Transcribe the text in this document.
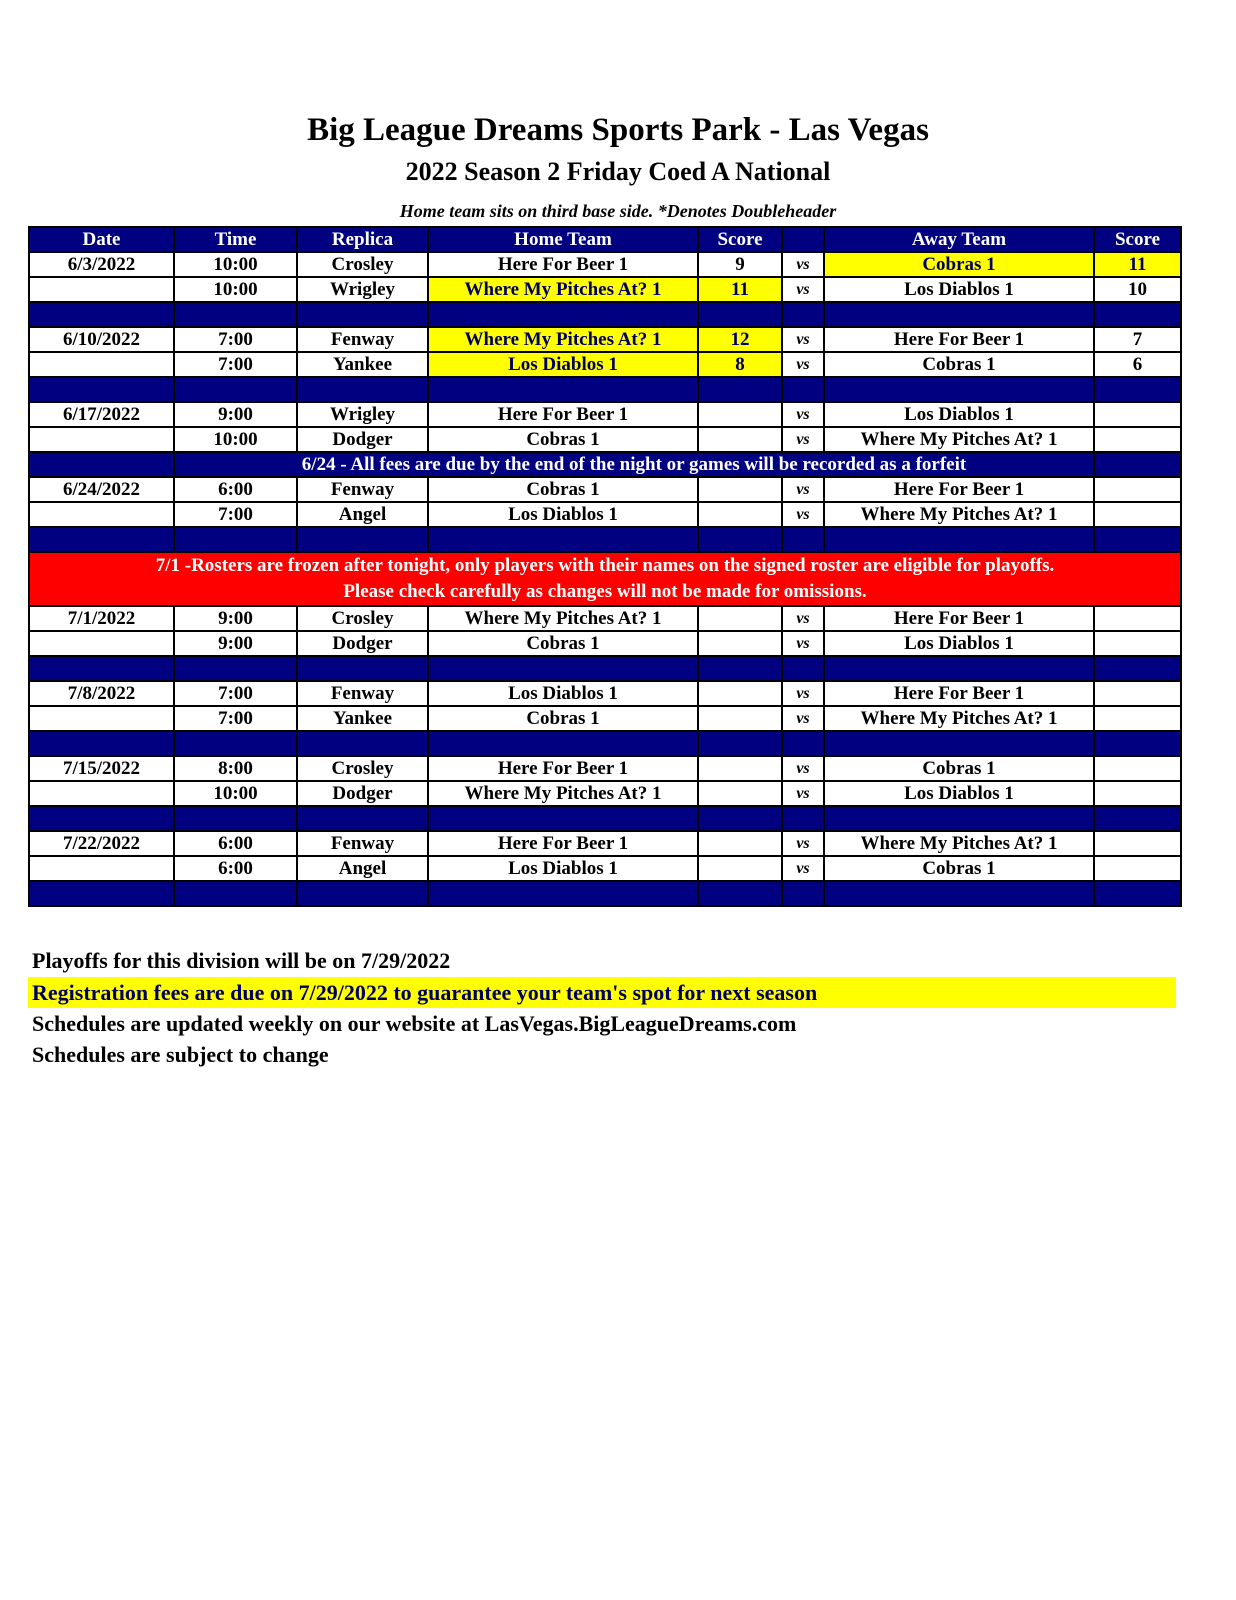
Big League Dreams Sports Park - Las Vegas
2022 Season 2 Friday Coed A National
Home team sits on third base side. *Denotes Doubleheader
Date	Time	Replica	Home Team	Score		Away Team	Score
6/3/2022	10:00	Crosley	Here For Beer 1	9	vs	Cobras 1	11
	10:00	Wrigley	Where My Pitches At? 1	11	vs	Los Diablos 1	10

6/10/2022	7:00	Fenway	Where My Pitches At? 1	12	vs	Here For Beer 1	7
	7:00	Yankee	Los Diablos 1	8	vs	Cobras 1	6

6/17/2022	9:00	Wrigley	Here For Beer 1		vs	Los Diablos 1	
	10:00	Dodger	Cobras 1		vs	Where My Pitches At? 1	
	6/24 - All fees are due by the end of the night or games will be recorded as a forfeit						
6/24/2022	6:00	Fenway	Cobras 1		vs	Here For Beer 1	
	7:00	Angel	Los Diablos 1		vs	Where My Pitches At? 1	

7/1 -Rosters are frozen after tonight, only players with their names on the signed roster are eligible for playoffs.
Please check carefully as changes will not be made for omissions.							

7/1/2022	9:00	Crosley	Where My Pitches At? 1		vs	Here For Beer 1	
	9:00	Dodger	Cobras 1		vs	Los Diablos 1	

7/8/2022	7:00	Fenway	Los Diablos 1		vs	Here For Beer 1	
	7:00	Yankee	Cobras 1		vs	Where My Pitches At? 1	

7/15/2022	8:00	Crosley	Here For Beer 1		vs	Cobras 1	
	10:00	Dodger	Where My Pitches At? 1		vs	Los Diablos 1	

7/22/2022	6:00	Fenway	Here For Beer 1		vs	Where My Pitches At? 1	
	6:00	Angel	Los Diablos 1		vs	Cobras 1	

Playoffs for this division will be on 7/29/2022
Registration fees are due on 7/29/2022 to guarantee your team's spot for next season
Schedules are updated weekly on our website at LasVegas.BigLeagueDreams.com
Schedules are subject to change
